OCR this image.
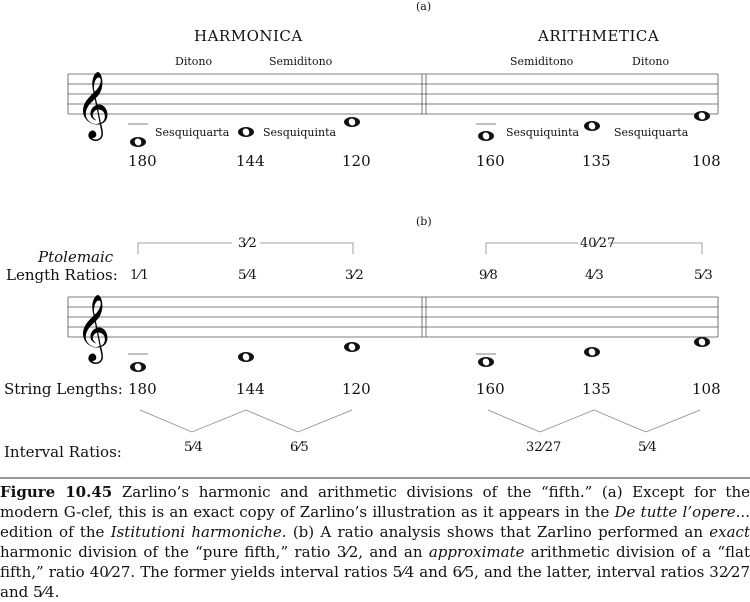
𝄞
𝄞
(a)
HARMONICA	ARITHMETICA
Ditono	Semiditono	Semiditono	Ditono
Sesquiquarta	Sesquiquinta	Sesquiquinta	Sesquiquarta
180	144	120	160	135	108
(b)
3⁄2	40⁄27
Ptolemaic
Length Ratios: 1⁄1	5⁄4	3⁄2	9⁄8	4⁄3	5⁄3
String Lengths: 180	144	120	160	135	108
Interval Ratios:	5⁄4	6⁄5	32⁄27	5⁄4
Figure 10.45 Zarlino’s harmonic and arithmetic divisions of the “fifth.” (a) Except for the modern G-clef, this is an exact copy of Zarlino’s illustration as it appears in the De tutte l’opere... edition of the Istitutioni harmoniche. (b) A ratio analysis shows that Zarlino performed an exact harmonic division of the “pure fifth,” ratio 3⁄2, and an approximate arithmetic division of a “flat fifth,” ratio 40⁄27. The former yields interval ratios 5⁄4 and 6⁄5, and the latter, interval ratios 32⁄27 and 5⁄4.
